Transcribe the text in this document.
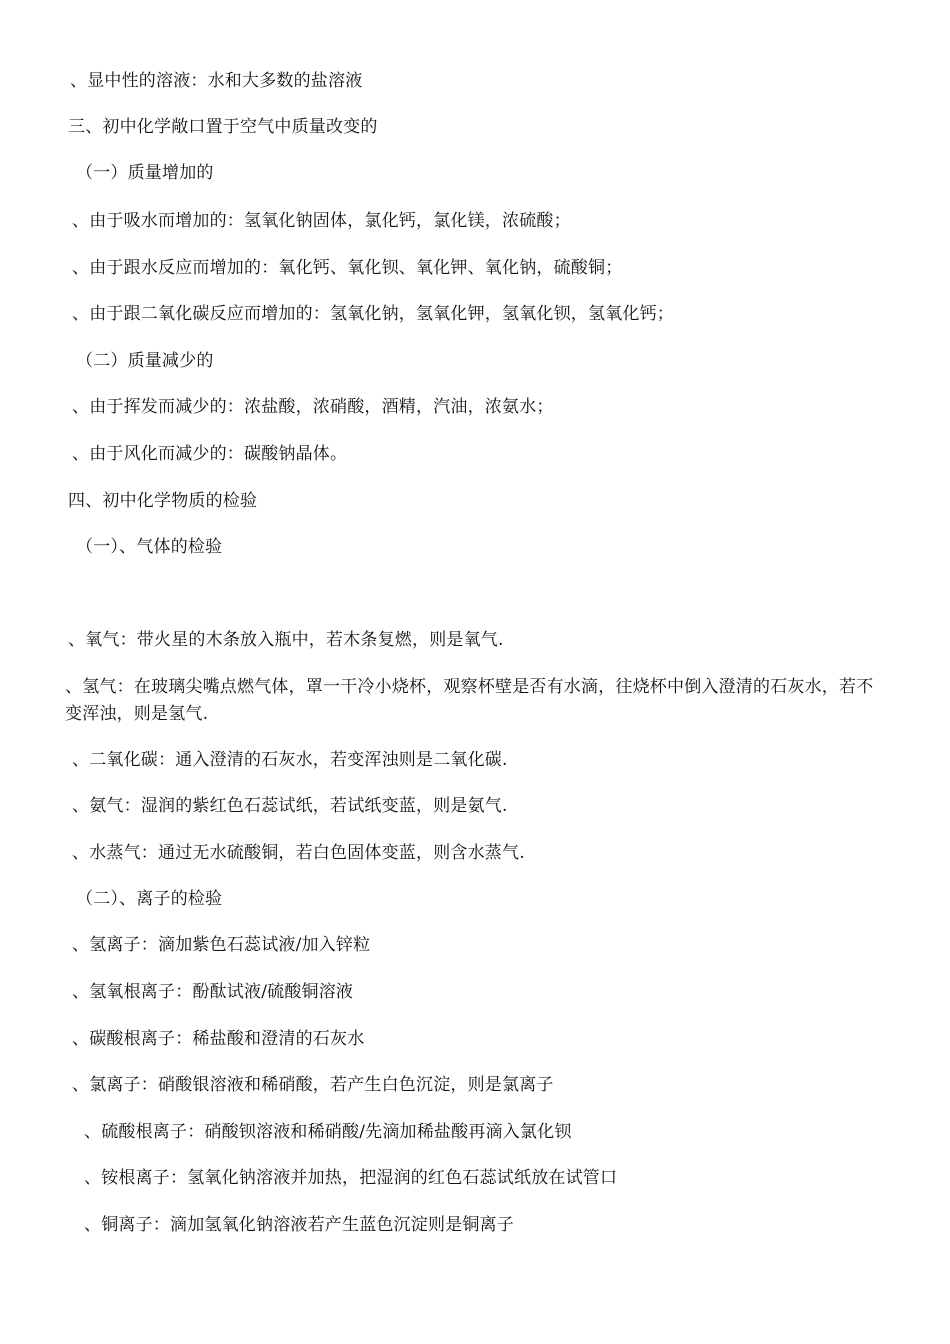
、显中性的溶液：水和大多数的盐溶液
三、初中化学敞口置于空气中质量改变的
（一）质量增加的
、由于吸水而增加的：氢氧化钠固体，氯化钙，氯化镁，浓硫酸；
、由于跟水反应而增加的：氧化钙、氧化钡、氧化钾、氧化钠，硫酸铜；
、由于跟二氧化碳反应而增加的：氢氧化钠，氢氧化钾，氢氧化钡，氢氧化钙；
（二）质量减少的
、由于挥发而减少的：浓盐酸，浓硝酸，酒精，汽油，浓氨水；
、由于风化而减少的：碳酸钠晶体。
四、初中化学物质的检验
（一）、气体的检验
、氧气：带火星的木条放入瓶中，若木条复燃，则是氧气.
、氢气：在玻璃尖嘴点燃气体，罩一干冷小烧杯，观察杯壁是否有水滴，往烧杯中倒入澄清的石灰水，若不变浑浊，则是氢气.
、二氧化碳：通入澄清的石灰水，若变浑浊则是二氧化碳.
、氨气：湿润的紫红色石蕊试纸，若试纸变蓝，则是氨气.
、水蒸气：通过无水硫酸铜，若白色固体变蓝，则含水蒸气.
（二）、离子的检验
、氢离子：滴加紫色石蕊试液/加入锌粒
、氢氧根离子：酚酞试液/硫酸铜溶液
、碳酸根离子：稀盐酸和澄清的石灰水
、氯离子：硝酸银溶液和稀硝酸，若产生白色沉淀，则是氯离子
、硫酸根离子：硝酸钡溶液和稀硝酸/先滴加稀盐酸再滴入氯化钡
、铵根离子：氢氧化钠溶液并加热，把湿润的红色石蕊试纸放在试管口
、铜离子：滴加氢氧化钠溶液若产生蓝色沉淀则是铜离子
